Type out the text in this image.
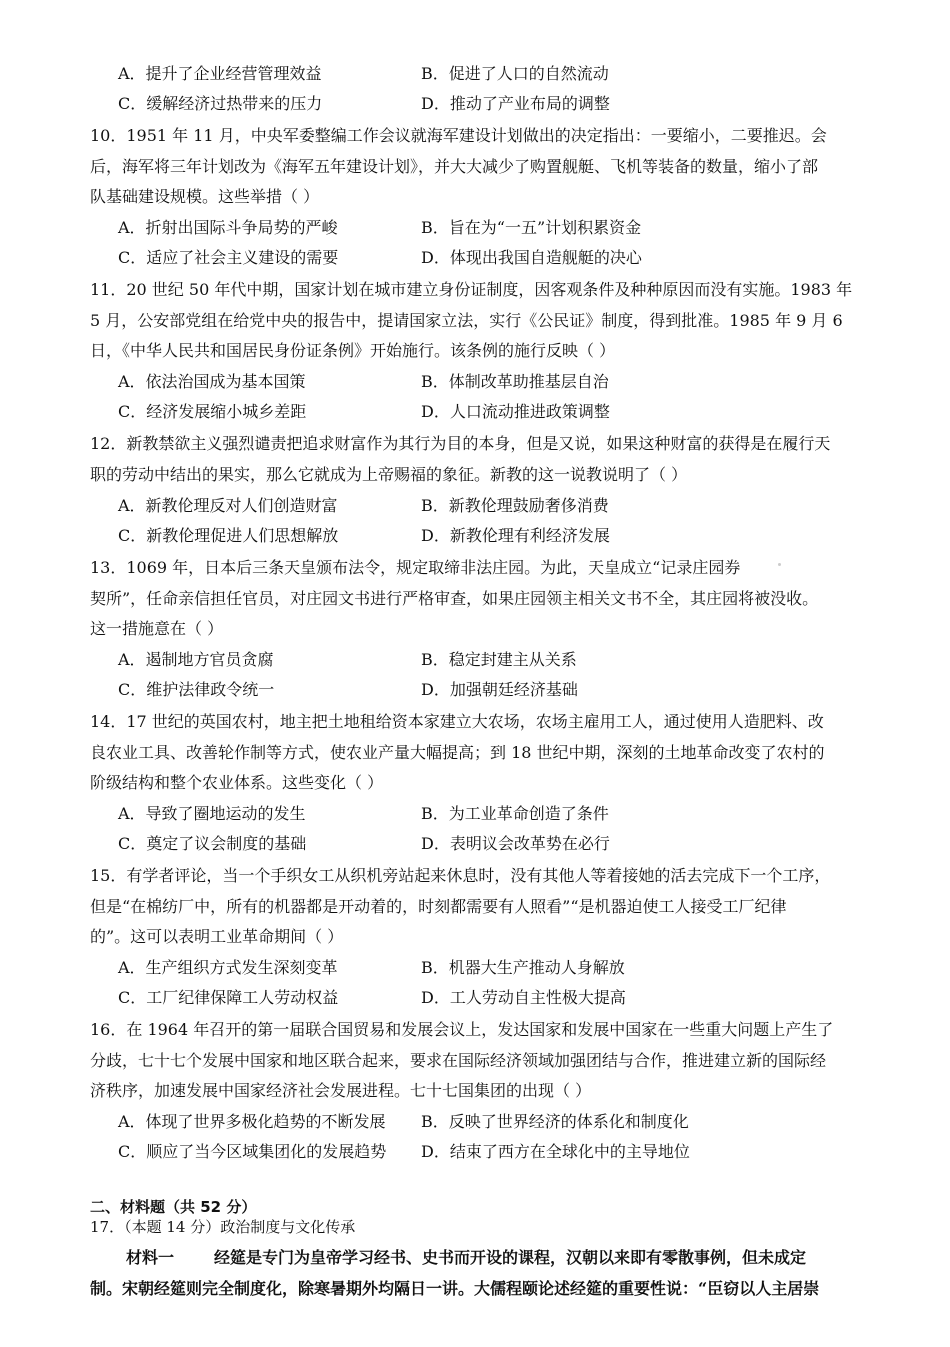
A．提升了企业经营管理效益	B．促进了人口的自然流动
C．缓解经济过热带来的压力	D．推动了产业布局的调整
10．1951 年 11 月，中央军委整编工作会议就海军建设计划做出的决定指出：一要缩小，二要推迟。会
后，海军将三年计划改为《海军五年建设计划》，并大大减少了购置舰艇、飞机等装备的数量，缩小了部
队基础建设规模。这些举措（ ）
A．折射出国际斗争局势的严峻	B．旨在为“一五”计划积累资金
C．适应了社会主义建设的需要	D．体现出我国自造舰艇的决心
11．20 世纪 50 年代中期，国家计划在城市建立身份证制度，因客观条件及种种原因而没有实施。1983 年
5 月，公安部党组在给党中央的报告中，提请国家立法，实行《公民证》制度，得到批准。1985 年 9 月 6
日，《中华人民共和国居民身份证条例》开始施行。该条例的施行反映（ ）
A．依法治国成为基本国策	B．体制改革助推基层自治
C．经济发展缩小城乡差距	D．人口流动推进政策调整
12．新教禁欲主义强烈谴责把追求财富作为其行为目的本身，但是又说，如果这种财富的获得是在履行天
职的劳动中结出的果实，那么它就成为上帝赐福的象征。新教的这一说教说明了（ ）
A．新教伦理反对人们创造财富	B．新教伦理鼓励奢侈消费
C．新教伦理促进人们思想解放	D．新教伦理有利经济发展
13．1069 年，日本后三条天皇颁布法令，规定取缔非法庄园。为此，天皇成立“记录庄园券
契所”，任命亲信担任官员，对庄园文书进行严格审查，如果庄园领主相关文书不全，其庄园将被没收。
这一措施意在（ ）
A．遏制地方官员贪腐	B．稳定封建主从关系
C．维护法律政令统一	D．加强朝廷经济基础
14．17 世纪的英国农村，地主把土地租给资本家建立大农场，农场主雇用工人，通过使用人造肥料、改
良农业工具、改善轮作制等方式，使农业产量大幅提高；到 18 世纪中期，深刻的土地革命改变了农村的
阶级结构和整个农业体系。这些变化（ ）
A．导致了圈地运动的发生	B．为工业革命创造了条件
C．奠定了议会制度的基础	D．表明议会改革势在必行
15．有学者评论，当一个手织女工从织机旁站起来休息时，没有其他人等着接她的活去完成下一个工序，
但是“在棉纺厂中，所有的机器都是开动着的，时刻都需要有人照看”“是机器迫使工人接受工厂纪律
的”。这可以表明工业革命期间（ ）
A．生产组织方式发生深刻变革	B．机器大生产推动人身解放
C．工厂纪律保障工人劳动权益	D．工人劳动自主性极大提高
16．在 1964 年召开的第一届联合国贸易和发展会议上，发达国家和发展中国家在一些重大问题上产生了
分歧，七十七个发展中国家和地区联合起来，要求在国际经济领域加强团结与合作，推进建立新的国际经
济秩序，加速发展中国家经济社会发展进程。七十七国集团的出现（ ）
A．体现了世界多极化趋势的不断发展 B．反映了世界经济的体系化和制度化
C．顺应了当今区域集团化的发展趋势 D．结束了西方在全球化中的主导地位
二、材料题（共 52 分）
17．（本题 14 分）政治制度与文化传承
材料一	经筵是专门为皇帝学习经书、史书而开设的课程，汉朝以来即有零散事例，但未成定
制。宋朝经筵则完全制度化，除寒暑期外均隔日一讲。大儒程颐论述经筵的重要性说：“臣窃以人主居崇
